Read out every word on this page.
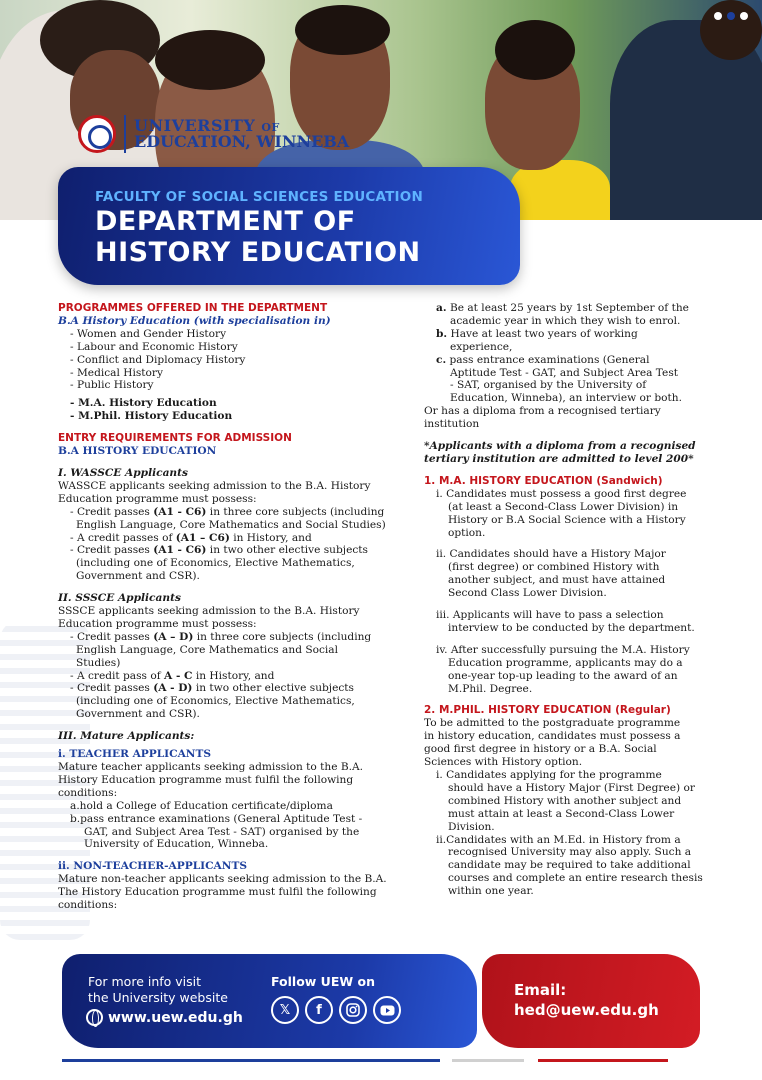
UNIVERSITY OF
EDUCATION, WINNEBA
FACULTY OF SOCIAL SCIENCES EDUCATION
DEPARTMENT OF
HISTORY EDUCATION
PROGRAMMES OFFERED IN THE DEPARTMENT
B.A History Education (with specialisation in)
- Women and Gender History
- Labour and Economic History
- Conflict and Diplomacy History
- Medical History
- Public History
- M.A. History Education
- M.Phil. History Education
ENTRY REQUIREMENTS FOR ADMISSION
B.A HISTORY EDUCATION
I. WASSCE Applicants
WASSCE applicants seeking admission to the B.A. History
Education programme must possess:
- Credit passes (A1 - C6) in three core subjects (including
English Language, Core Mathematics and Social Studies)
- A credit passes of (A1 – C6) in History, and
- Credit passes (A1 - C6) in two other elective subjects
(including one of Economics, Elective Mathematics,
Government and CSR).
II. SSSCE Applicants
SSSCE applicants seeking admission to the B.A. History
Education programme must possess:
- Credit passes (A – D) in three core subjects (including
English Language, Core Mathematics and Social
Studies)
- A credit pass of A - C in History, and
- Credit passes (A - D) in two other elective subjects
(including one of Economics, Elective Mathematics,
Government and CSR).
III. Mature Applicants:
i. TEACHER APPLICANTS
Mature teacher applicants seeking admission to the B.A.
History Education programme must fulfil the following
conditions:
a.hold a College of Education certificate/diploma
b.pass entrance examinations (General Aptitude Test -
GAT, and Subject Area Test - SAT) organised by the
University of Education, Winneba.
ii. NON-TEACHER-APPLICANTS
Mature non-teacher applicants seeking admission to the B.A.
The History Education programme must fulfil the following
conditions:
a. Be at least 25 years by 1st September of the
academic year in which they wish to enrol.
b. Have at least two years of working
experience,
c. pass entrance examinations (General
Aptitude Test - GAT, and Subject Area Test
- SAT, organised by the University of
Education, Winneba), an interview or both.
Or has a diploma from a recognised tertiary
institution
*Applicants with a diploma from a recognised
tertiary institution are admitted to level 200*
1. M.A. HISTORY EDUCATION (Sandwich)
i. Candidates must possess a good first degree
(at least a Second-Class Lower Division) in
History or B.A Social Science with a History
option.
ii. Candidates should have a History Major
(first degree) or combined History with
another subject, and must have attained
Second Class Lower Division.
iii. Applicants will have to pass a selection
interview to be conducted by the department.
iv. After successfully pursuing the M.A. History
Education programme, applicants may do a
one-year top-up leading to the award of an
M.Phil. Degree.
2. M.PHIL. HISTORY EDUCATION (Regular)
To be admitted to the postgraduate programme
in history education, candidates must possess a
good first degree in history or a B.A. Social
Sciences with History option.
i. Candidates applying for the programme
should have a History Major (First Degree) or
combined History with another subject and
must attain at least a Second-Class Lower
Division.
ii.Candidates with an M.Ed. in History from a
recognised University may also apply. Such a
candidate may be required to take additional
courses and complete an entire research thesis
within one year.
For more info visit
the University website
www.uew.edu.gh
Follow UEW on
𝕏	f
Email:
hed@uew.edu.gh
